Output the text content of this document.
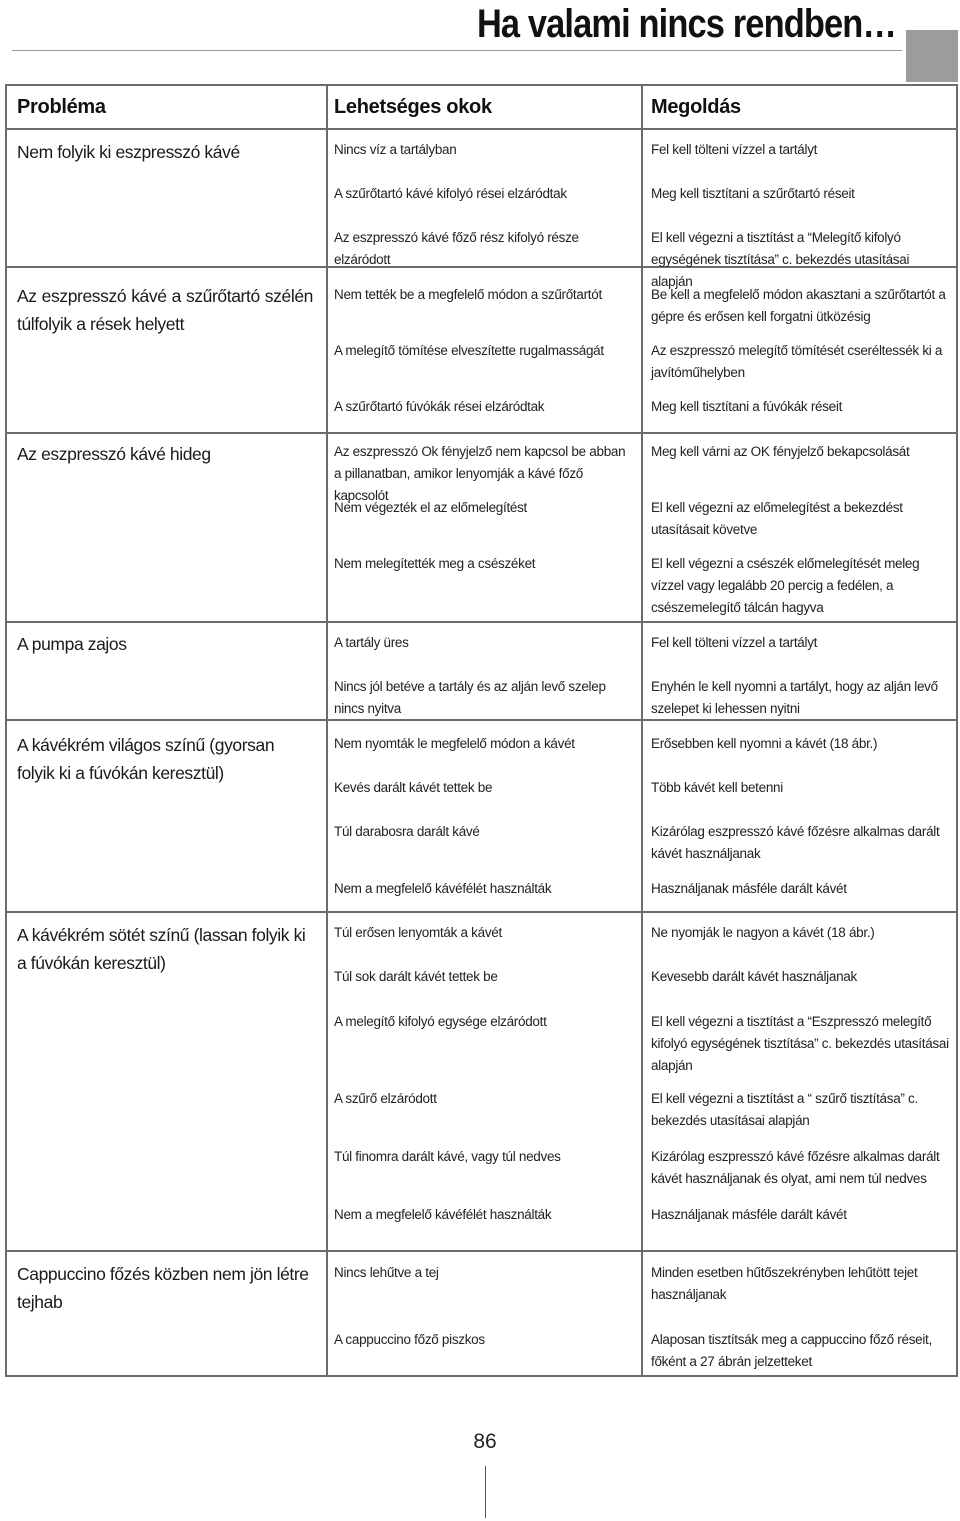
Ha valami nincs rendben…
Probléma	Lehetséges okok	Megoldás
Nem folyik ki eszpresszó kávé
Az eszpresszó kávé a szűrőtartó szélén túlfolyik a rések helyett
Az eszpresszó kávé hideg
A pumpa zajos
A kávékrém világos színű (gyorsan folyik ki a fúvókán keresztül)
A kávékrém sötét színű (lassan folyik ki a fúvókán keresztül)
Cappuccino főzés közben nem jön létre tejhab
Nincs víz a tartályban
A szűrőtartó kávé kifolyó rései elzáródtak
Az eszpresszó kávé főző rész kifolyó része elzáródott
Nem tették be a megfelelő módon a szűrőtartót
A melegítő tömítése elveszítette rugalmasságát
A szűrőtartó fúvókák rései elzáródtak
Az eszpresszó Ok fényjelző nem kapcsol be abban a pillanatban, amikor lenyomják a kávé főző kapcsolót
Nem végezték el az előmelegítést
Nem melegítették meg a csészéket
A tartály üres
Nincs jól betéve a tartály és az alján levő szelep nincs nyitva
Nem nyomták le megfelelő módon a kávét
Kevés darált kávét tettek be
Túl darabosra darált kávé
Nem a megfelelő kávéfélét használták
Túl erősen lenyomták a kávét
Túl sok darált kávét tettek be
A melegítő kifolyó egysége elzáródott
A szűrő elzáródott
Túl finomra darált kávé, vagy túl nedves
Nem a megfelelő kávéfélét használták
Nincs lehűtve a tej
A cappuccino főző piszkos
Fel kell tölteni vízzel a tartályt
Meg kell tisztítani a szűrőtartó réseit
El kell végezni a tisztítást a “Melegítő kifolyó egységének tisztítása” c. bekezdés utasításai alapján
Be kell a megfelelő módon akasztani a szűrőtartót a gépre és erősen kell forgatni ütközésig
Az eszpresszó melegítő tömítését cseréltessék ki a javítóműhelyben
Meg kell tisztítani a fúvókák réseit
Meg kell várni az OK fényjelző bekapcsolását
El kell végezni az előmelegítést a bekezdést utasításait követve
El kell végezni a csészék előmelegítését meleg vízzel vagy legalább 20 percig a fedélen, a csészemelegítő tálcán hagyva
Fel kell tölteni vízzel a tartályt
Enyhén le kell nyomni a tartályt, hogy az alján levő szelepet ki lehessen nyitni
Erősebben kell nyomni a kávét (18 ábr.)
Több kávét kell betenni
Kizárólag eszpresszó kávé főzésre alkalmas darált kávét használjanak
Használjanak másféle darált kávét
Ne nyomják le nagyon a kávét (18 ábr.)
Kevesebb darált kávét használjanak
El kell végezni a tisztítást a “Eszpresszó melegítő kifolyó egységének tisztítása” c. bekezdés utasításai alapján
El kell végezni a tisztítást a “ szűrő tisztítása” c. bekezdés utasításai alapján
Kizárólag eszpresszó kávé főzésre alkalmas darált kávét használjanak és olyat, ami nem túl nedves
Használjanak másféle darált kávét
Minden esetben hűtőszekrényben lehűtött tejet használjanak
Alaposan tisztítsák meg a cappuccino főző réseit, főként a 27 ábrán jelzetteket
86
